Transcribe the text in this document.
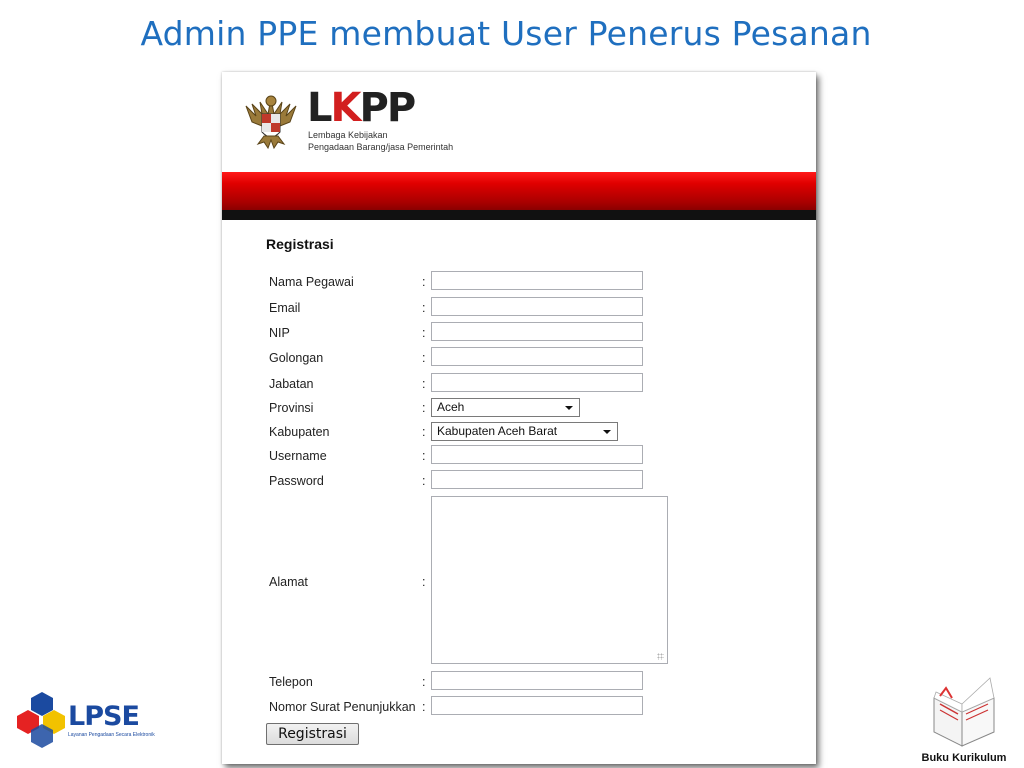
Admin PPE membuat User Penerus Pesanan
LKPP
Lembaga Kebijakan
Pengadaan Barang/jasa Pemerintah
Registrasi
Nama Pegawai	:
Email	:
NIP	:
Golongan	:
Jabatan	:
Provinsi	: Aceh
Kabupaten	: Kabupaten Aceh Barat
Username	:
Password	:
Alamat	:
Telepon	:
Nomor Surat Penunjukkan :
Registrasi
LPSE
Layanan Pengadaan Secara Elektronik
Buku Kurikulum
